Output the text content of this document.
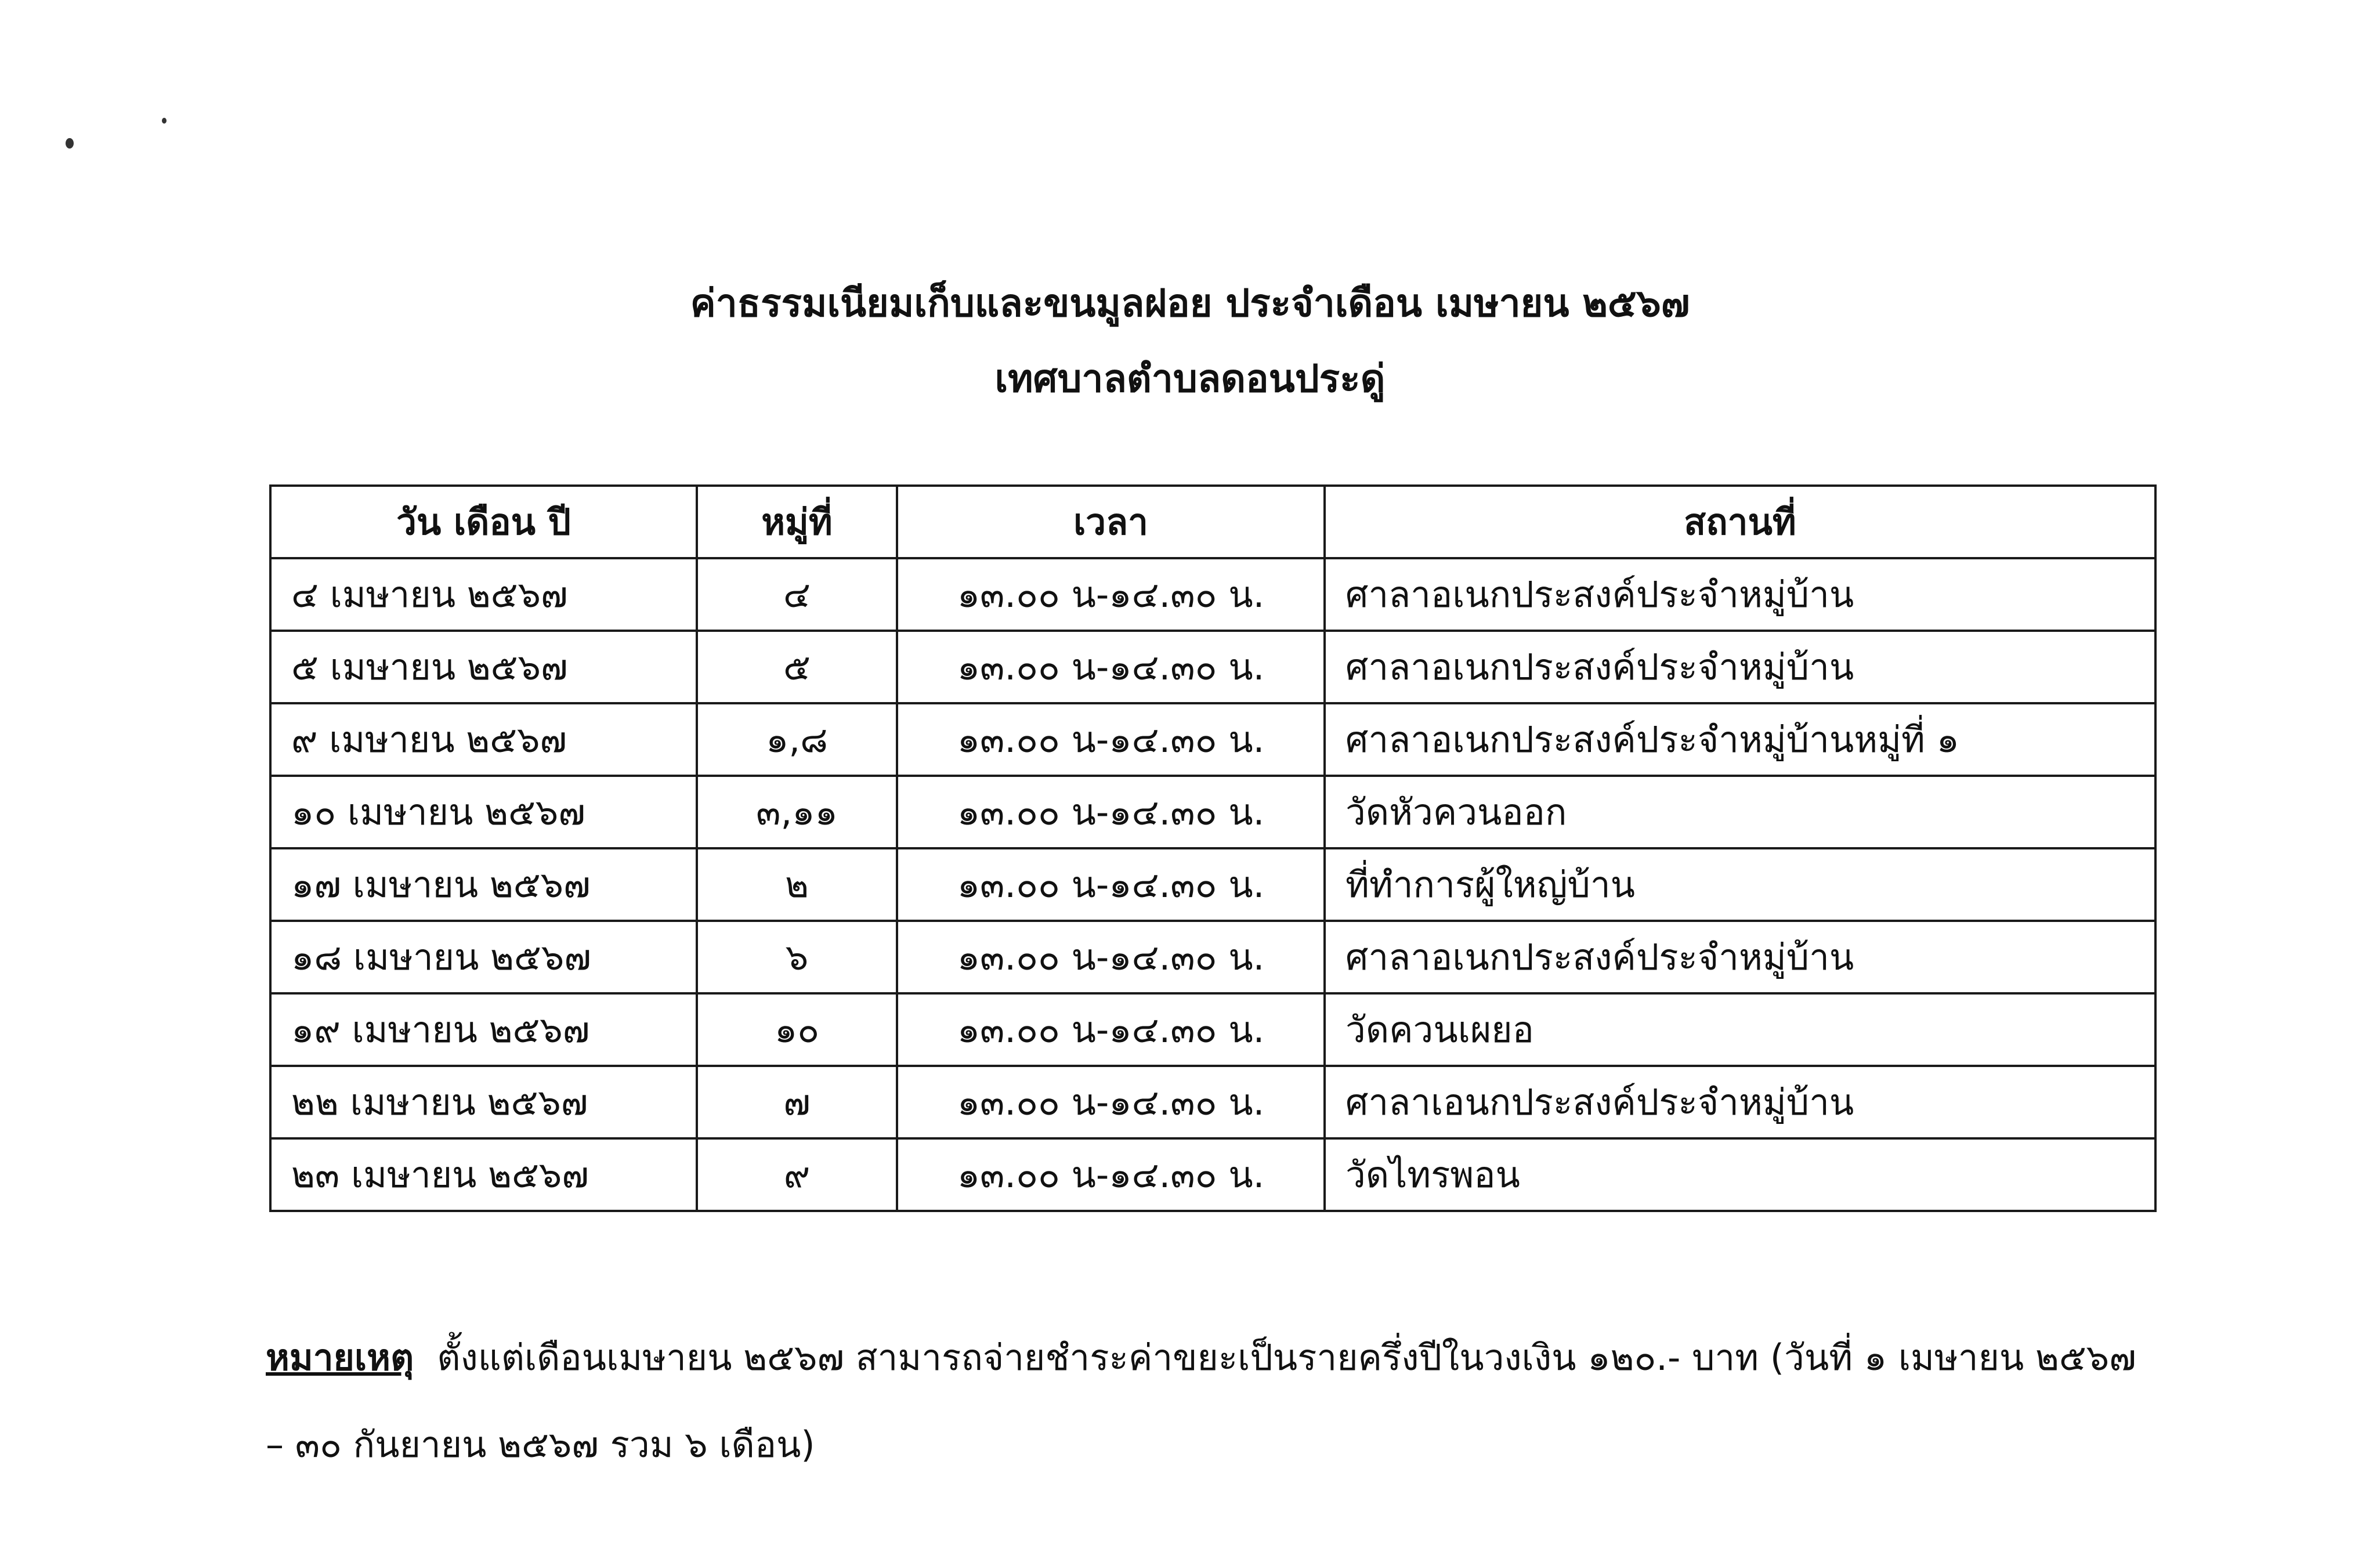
ค่าธรรมเนียมเก็บและขนมูลฝอย ประจำเดือน เมษายน ๒๕๖๗
เทศบาลตำบลดอนประดู่
วัน เดือน ปี	หมู่ที่	เวลา	สถานที่
๔ เมษายน ๒๕๖๗	๔	๑๓.๐๐ น-๑๔.๓๐ น.	ศาลาอเนกประสงค์ประจำหมู่บ้าน
๕ เมษายน ๒๕๖๗	๕	๑๓.๐๐ น-๑๔.๓๐ น.	ศาลาอเนกประสงค์ประจำหมู่บ้าน
๙ เมษายน ๒๕๖๗	๑,๘	๑๓.๐๐ น-๑๔.๓๐ น.	ศาลาอเนกประสงค์ประจำหมู่บ้านหมู่ที่ ๑
๑๐ เมษายน ๒๕๖๗	๓,๑๑	๑๓.๐๐ น-๑๔.๓๐ น.	วัดหัวควนออก
๑๗ เมษายน ๒๕๖๗	๒	๑๓.๐๐ น-๑๔.๓๐ น.	ที่ทำการผู้ใหญ่บ้าน
๑๘ เมษายน ๒๕๖๗	๖	๑๓.๐๐ น-๑๔.๓๐ น.	ศาลาอเนกประสงค์ประจำหมู่บ้าน
๑๙ เมษายน ๒๕๖๗	๑๐	๑๓.๐๐ น-๑๔.๓๐ น.	วัดควนเผยอ
๒๒ เมษายน ๒๕๖๗	๗	๑๓.๐๐ น-๑๔.๓๐ น.	ศาลาเอนกประสงค์ประจำหมู่บ้าน
๒๓ เมษายน ๒๕๖๗	๙	๑๓.๐๐ น-๑๔.๓๐ น.	วัดไทรพอน
หมายเหตุ ตั้งแต่เดือนเมษายน ๒๕๖๗ สามารถจ่ายชำระค่าขยะเป็นรายครึ่งปีในวงเงิน ๑๒๐.- บาท (วันที่ ๑ เมษายน ๒๕๖๗ – ๓๐ กันยายน ๒๕๖๗ รวม ๖ เดือน)
